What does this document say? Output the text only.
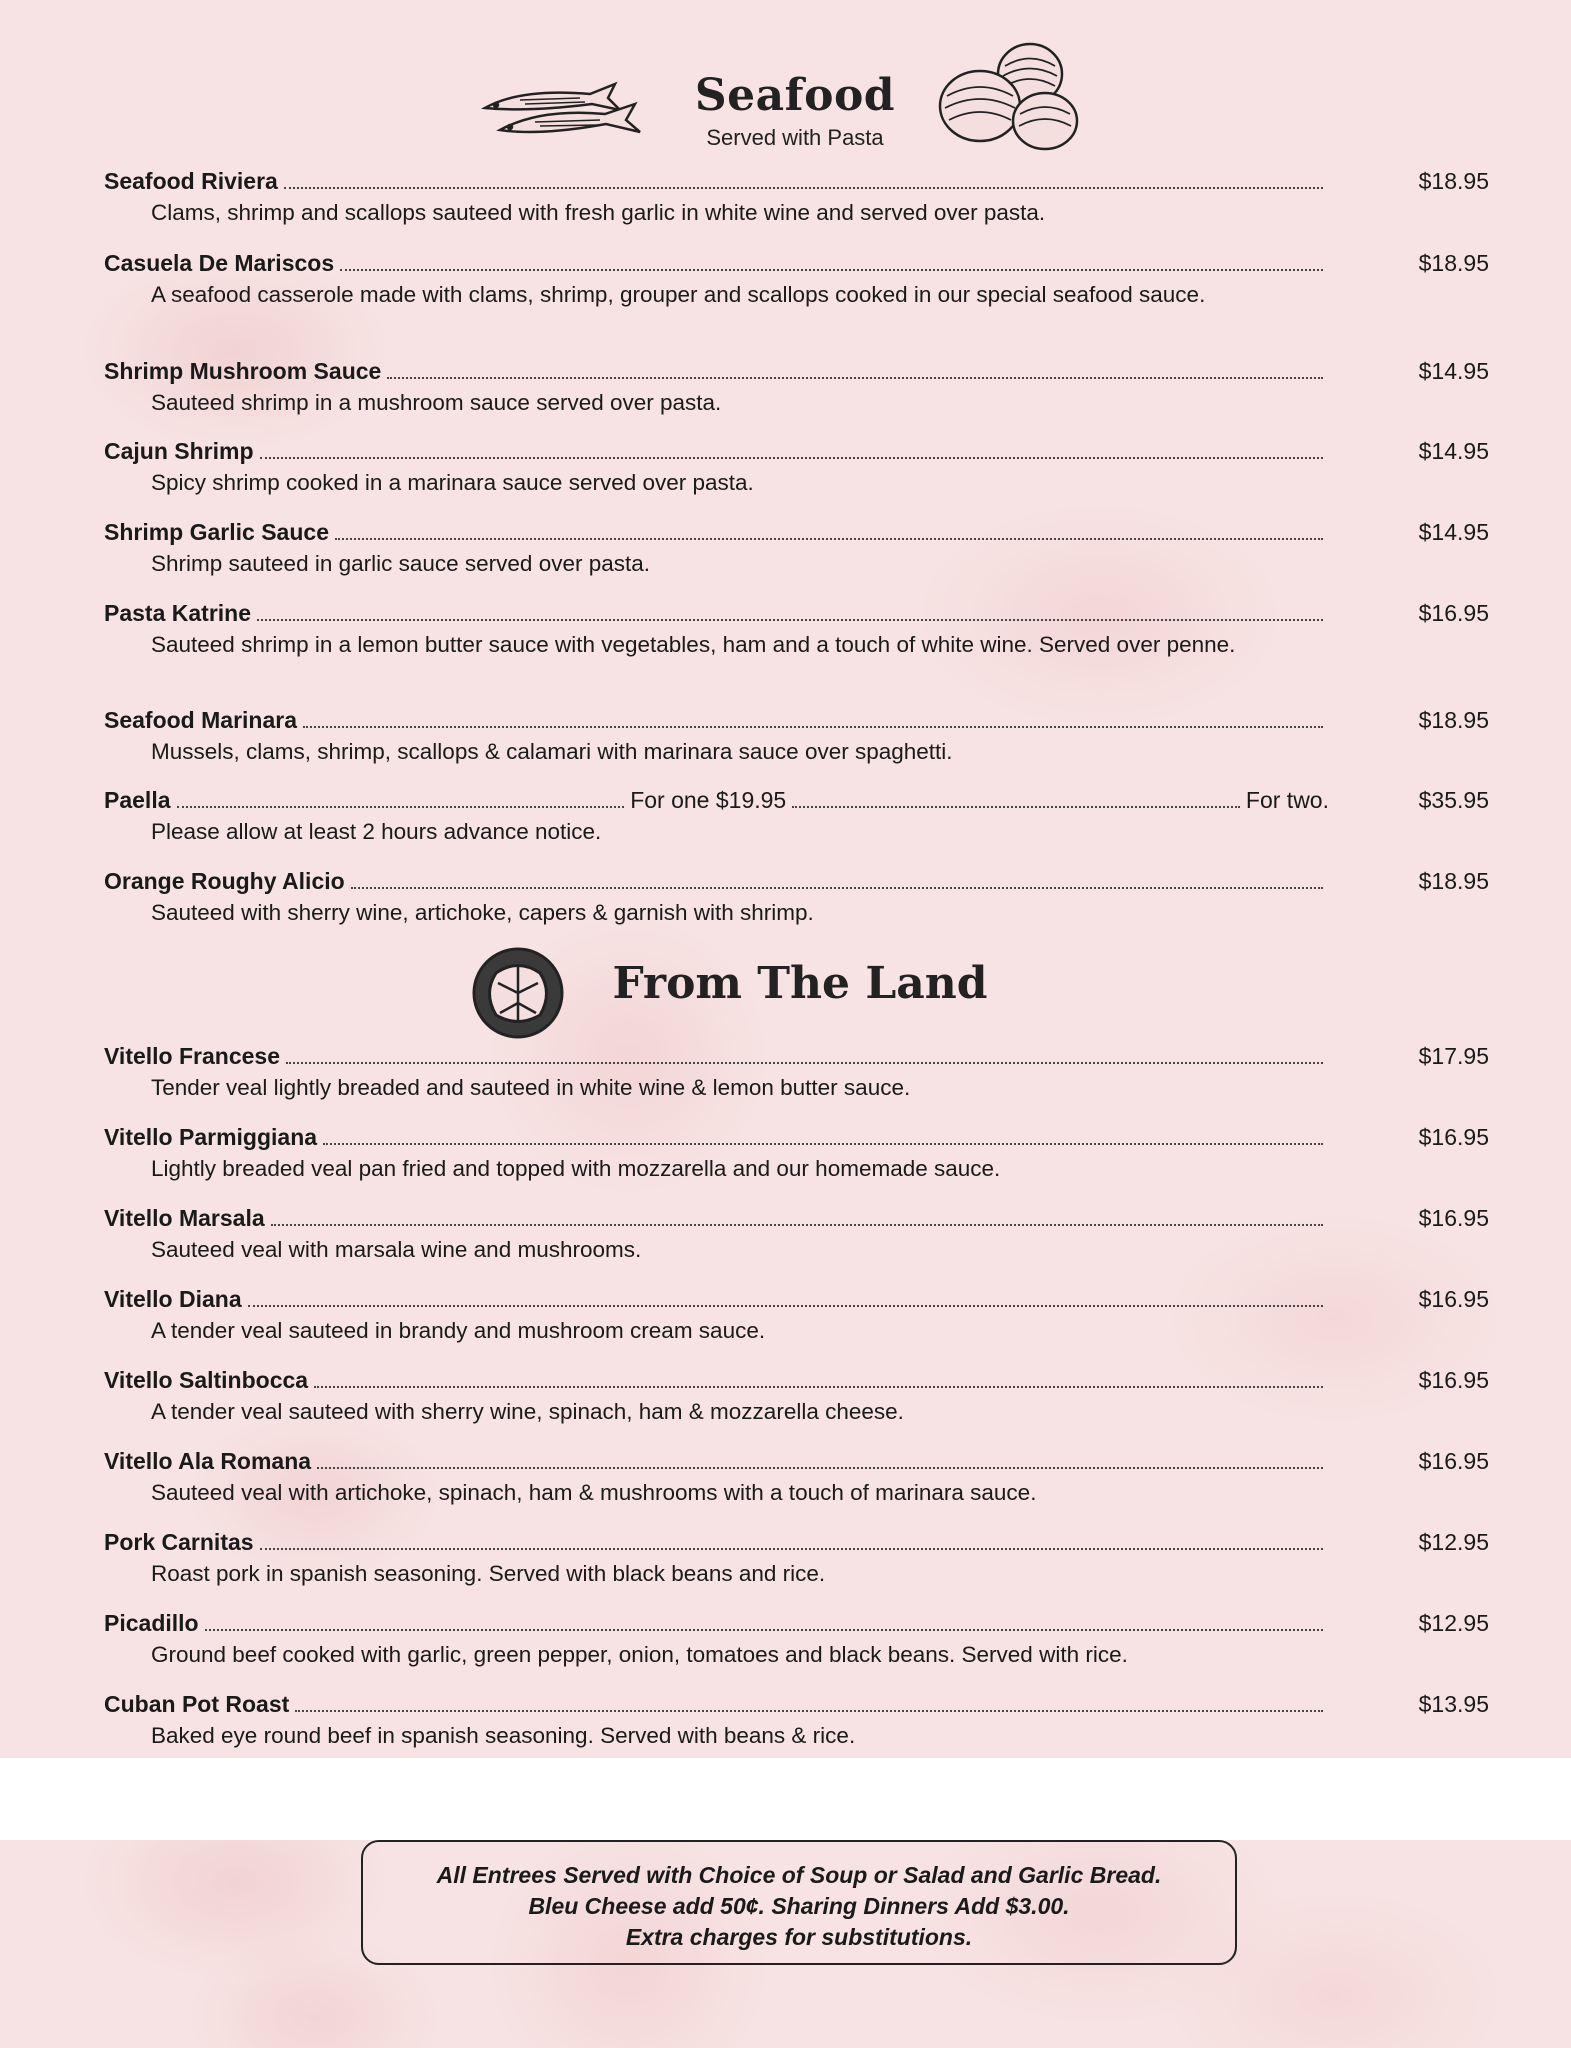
Seafood
Served with Pasta
Seafood Riviera	$18.95
Clams, shrimp and scallops sauteed with fresh garlic in white wine and served over pasta.
Casuela De Mariscos	$18.95
A seafood casserole made with clams, shrimp, grouper and scallops cooked in our special seafood sauce.
Shrimp Mushroom Sauce	$14.95
Sauteed shrimp in a mushroom sauce served over pasta.
Cajun Shrimp	$14.95
Spicy shrimp cooked in a marinara sauce served over pasta.
Shrimp Garlic Sauce	$14.95
Shrimp sauteed in garlic sauce served over pasta.
Pasta Katrine	$16.95
Sauteed shrimp in a lemon butter sauce with vegetables, ham and a touch of white wine. Served over penne.
Seafood Marinara	$18.95
Mussels, clams, shrimp, scallops & calamari with marinara sauce over spaghetti.
Paella	For one $19.95	For two.	$35.95
Please allow at least 2 hours advance notice.
Orange Roughy Alicio	$18.95
Sauteed with sherry wine, artichoke, capers & garnish with shrimp.
From The Land
Vitello Francese	$17.95
Tender veal lightly breaded and sauteed in white wine & lemon butter sauce.
Vitello Parmiggiana	$16.95
Lightly breaded veal pan fried and topped with mozzarella and our homemade sauce.
Vitello Marsala	$16.95
Sauteed veal with marsala wine and mushrooms.
Vitello Diana	$16.95
A tender veal sauteed in brandy and mushroom cream sauce.
Vitello Saltinbocca	$16.95
A tender veal sauteed with sherry wine, spinach, ham & mozzarella cheese.
Vitello Ala Romana	$16.95
Sauteed veal with artichoke, spinach, ham & mushrooms with a touch of marinara sauce.
Pork Carnitas	$12.95
Roast pork in spanish seasoning. Served with black beans and rice.
Picadillo	$12.95
Ground beef cooked with garlic, green pepper, onion, tomatoes and black beans. Served with rice.
Cuban Pot Roast	$13.95
Baked eye round beef in spanish seasoning. Served with beans & rice.
All Entrees Served with Choice of Soup or Salad and Garlic Bread.
Bleu Cheese add 50¢. Sharing Dinners Add $3.00.
Extra charges for substitutions.
